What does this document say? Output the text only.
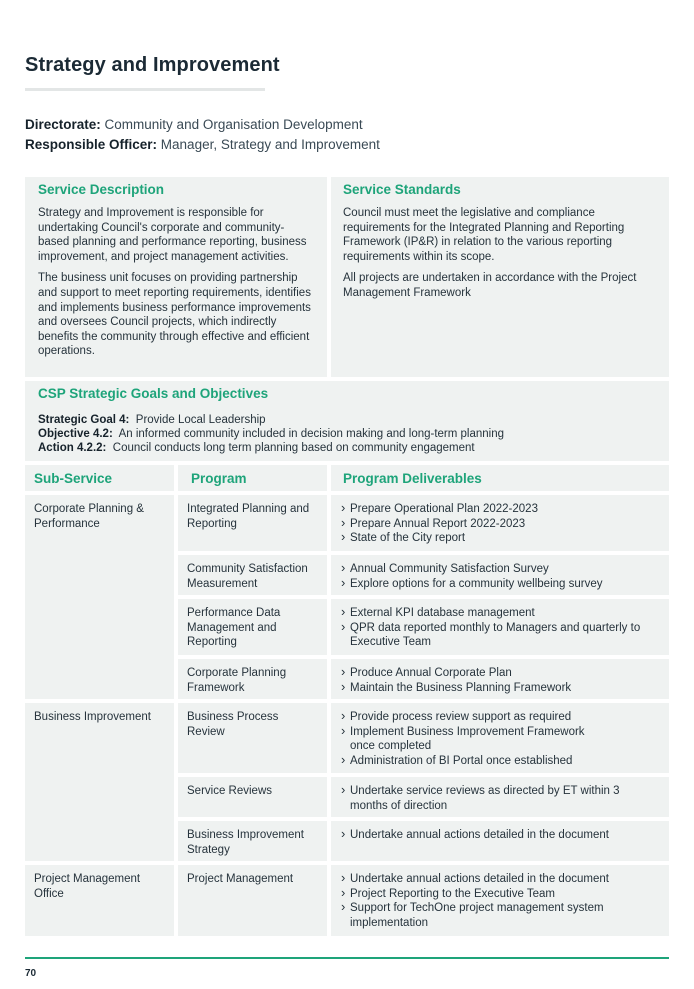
Strategy and Improvement
Directorate: Community and Organisation Development
Responsible Officer: Manager, Strategy and Improvement
Service Description

Strategy and Improvement is responsible for undertaking Council's corporate and community-based planning and performance reporting, business improvement, and project management activities.

The business unit focuses on providing partnership and support to meet reporting requirements, identifies and implements business performance improvements and oversees Council projects, which indirectly benefits the community through effective and efficient operations.

Service Standards

Council must meet the legislative and compliance requirements for the Integrated Planning and Reporting Framework (IP&R) in relation to the various reporting requirements within its scope.

All projects are undertaken in accordance with the Project Management Framework

CSP Strategic Goals and Objectives
Strategic Goal 4: Provide Local Leadership
Objective 4.2: An informed community included in decision making and long-term planning
Action 4.2.2: Council conducts long term planning based on community engagement
Sub-Service	Program	Program Deliverables
Corporate Planning & Performance
Business Improvement
Project Management Office
Integrated Planning and Reporting
Community Satisfaction Measurement
Performance Data Management and Reporting
Corporate Planning Framework
Business Process Review
Service Reviews
Business Improvement Strategy
Project Management
› Prepare Operational Plan 2022-2023
› Prepare Annual Report 2022-2023
› State of the City report
› Annual Community Satisfaction Survey
› Explore options for a community wellbeing survey
› External KPI database management
› QPR data reported monthly to Managers and quarterly to Executive Team
› Produce Annual Corporate Plan
› Maintain the Business Planning Framework
› Provide process review support as required
› Implement Business Improvement Framework once completed
› Administration of BI Portal once established
› Undertake service reviews as directed by ET within 3 months of direction
› Undertake annual actions detailed in the document
› Undertake annual actions detailed in the document
› Project Reporting to the Executive Team
› Support for TechOne project management system implementation
70
